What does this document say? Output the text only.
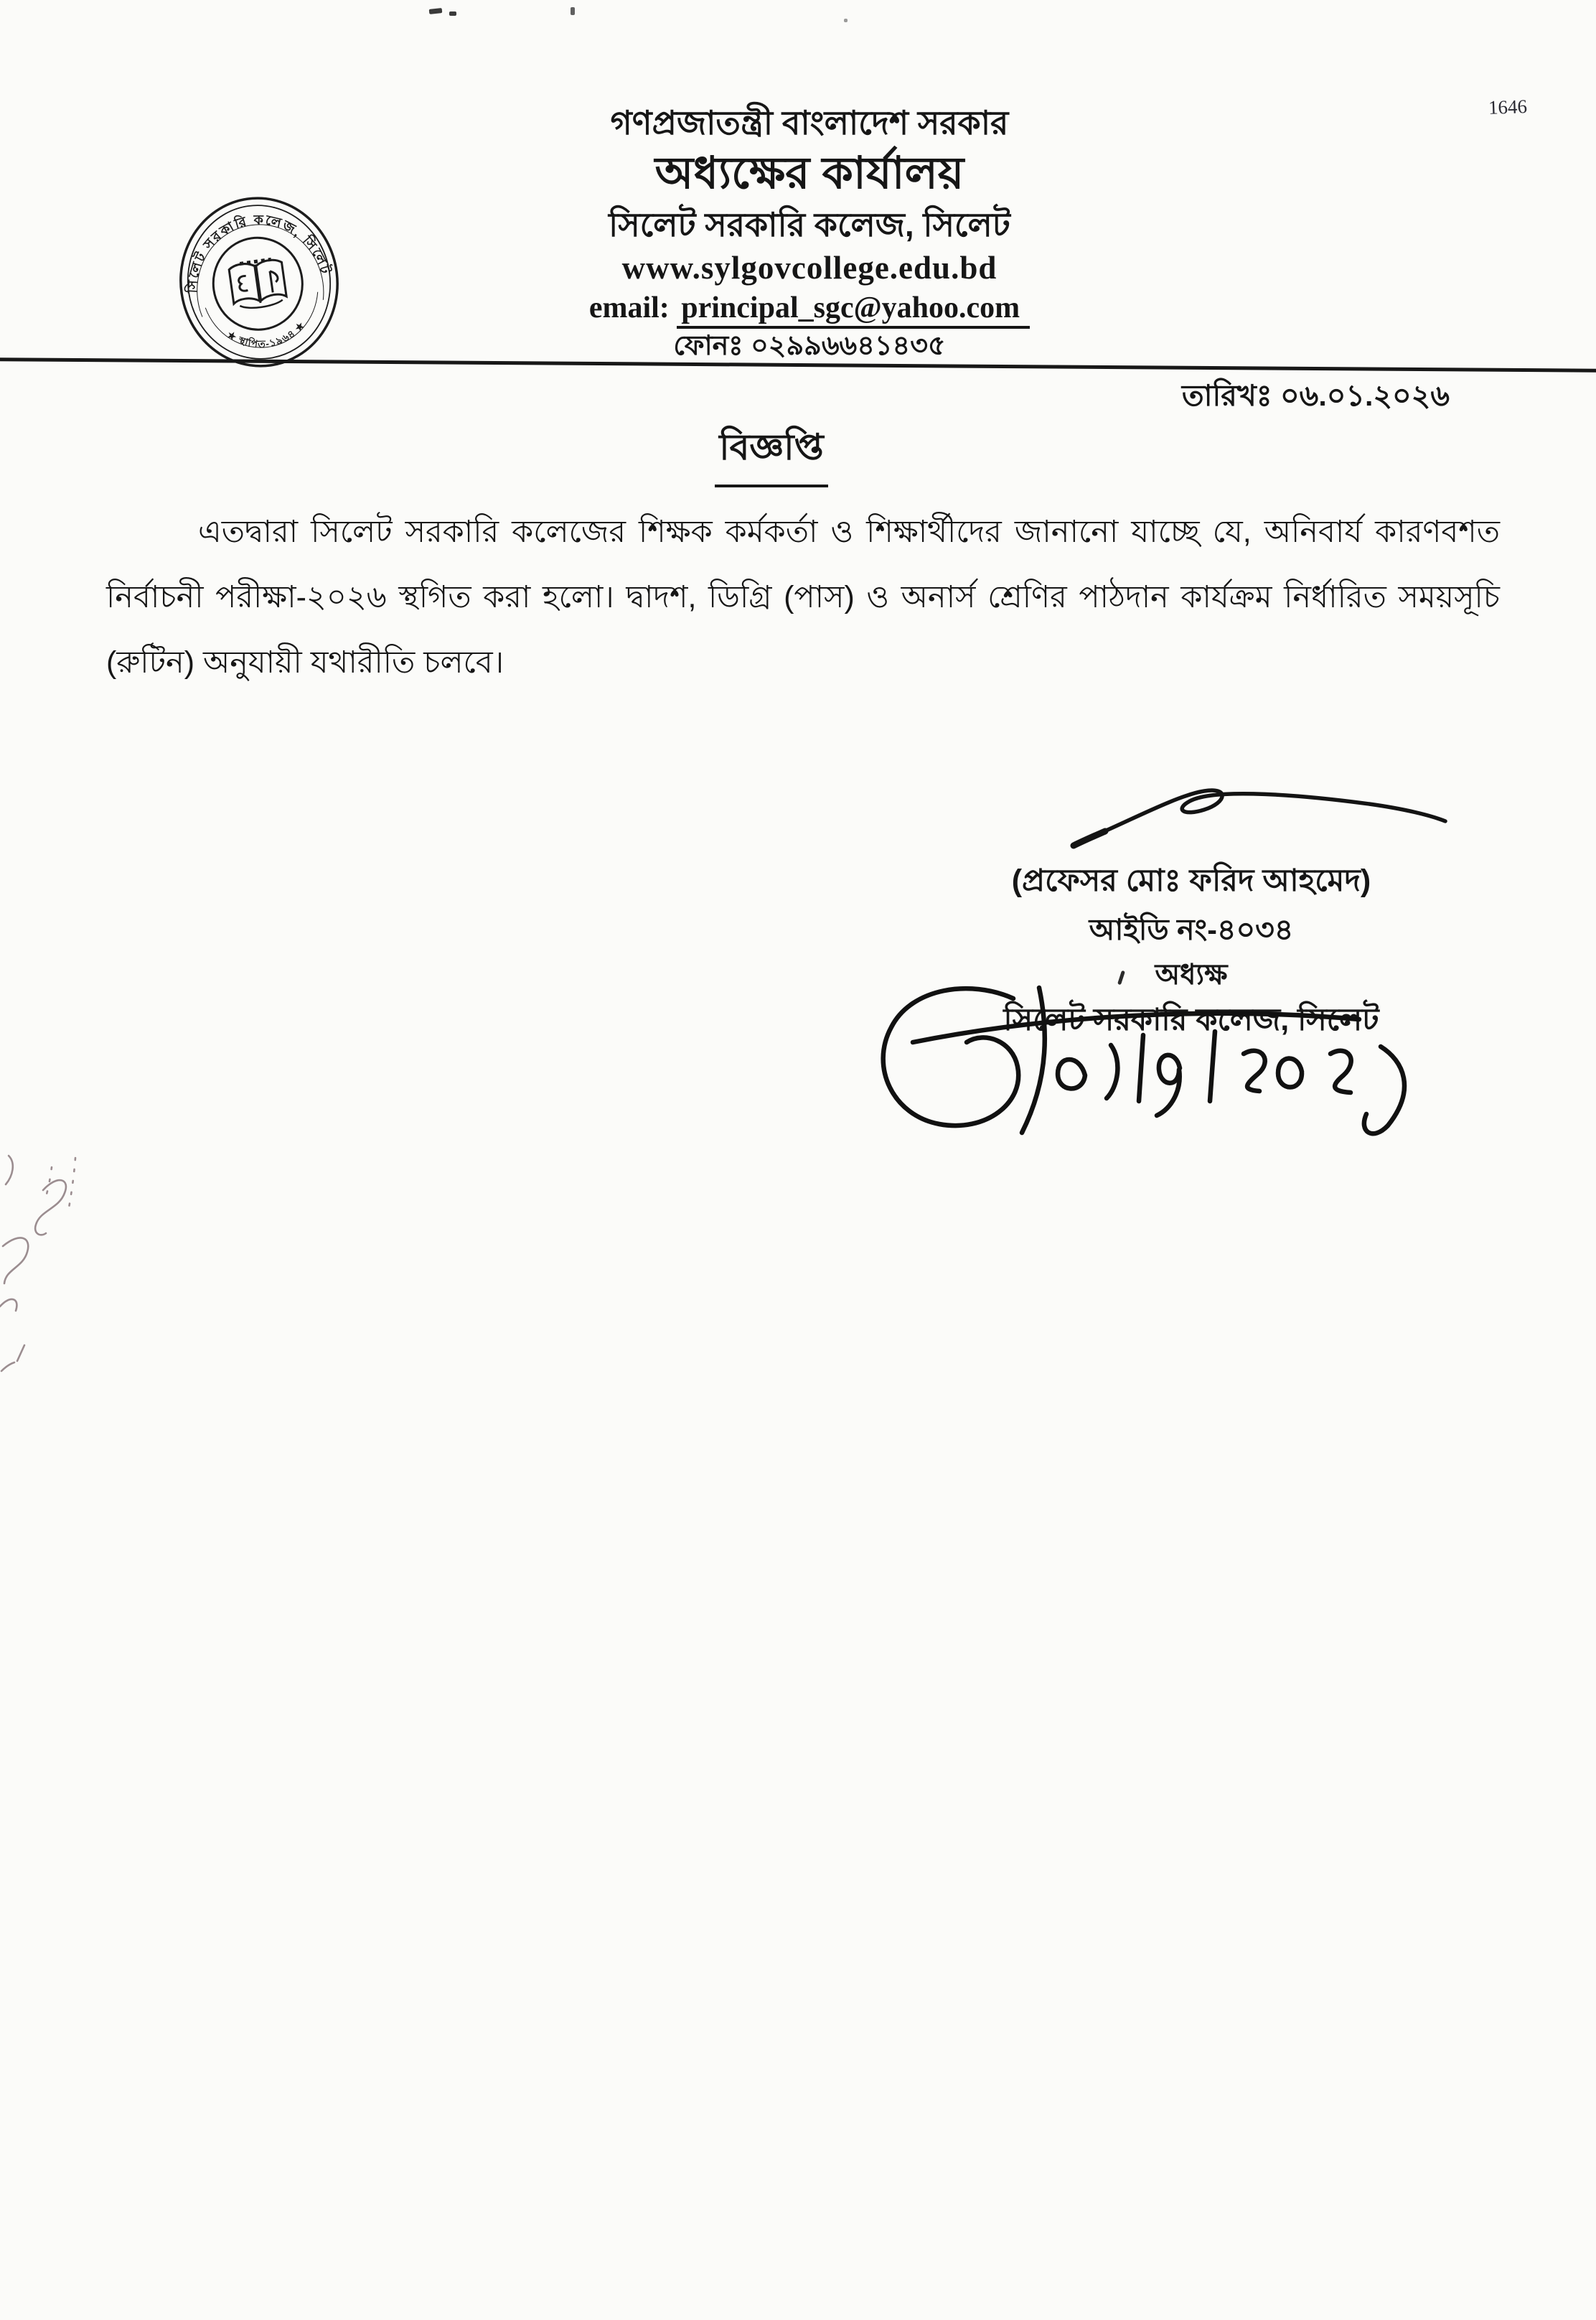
সিলেট সরকারি কলেজ, সিলেট
★ স্থাপিত-১৯৬৪ ★
গণপ্রজাতন্ত্রী বাংলাদেশ সরকার
অধ্যক্ষের কার্যালয়
সিলেট সরকারি কলেজ, সিলেট
www.sylgovcollege.edu.bd
email: principal_sgc@yahoo.com
ফোনঃ ০২৯৯৬৬৪১৪৩৫
1646
তারিখঃ ০৬.০১.২০২৬
বিজ্ঞপ্তি
এতদ্বারা সিলেট সরকারি কলেজের শিক্ষক কর্মকর্তা ও শিক্ষার্থীদের জানানো যাচ্ছে যে, অনিবার্য কারণবশত
নির্বাচনী পরীক্ষা-২০২৬ স্থগিত করা হলো। দ্বাদশ, ডিগ্রি (পাস) ও অনার্স শ্রেণির পাঠদান কার্যক্রম নির্ধারিত সময়সূচি
(রুটিন) অনুযায়ী যথারীতি চলবে।
(প্রফেসর মোঃ ফরিদ আহমেদ)
আইডি নং-৪০৩৪
অধ্যক্ষ
সিলেট সরকারি কলেজ, সিলেট
